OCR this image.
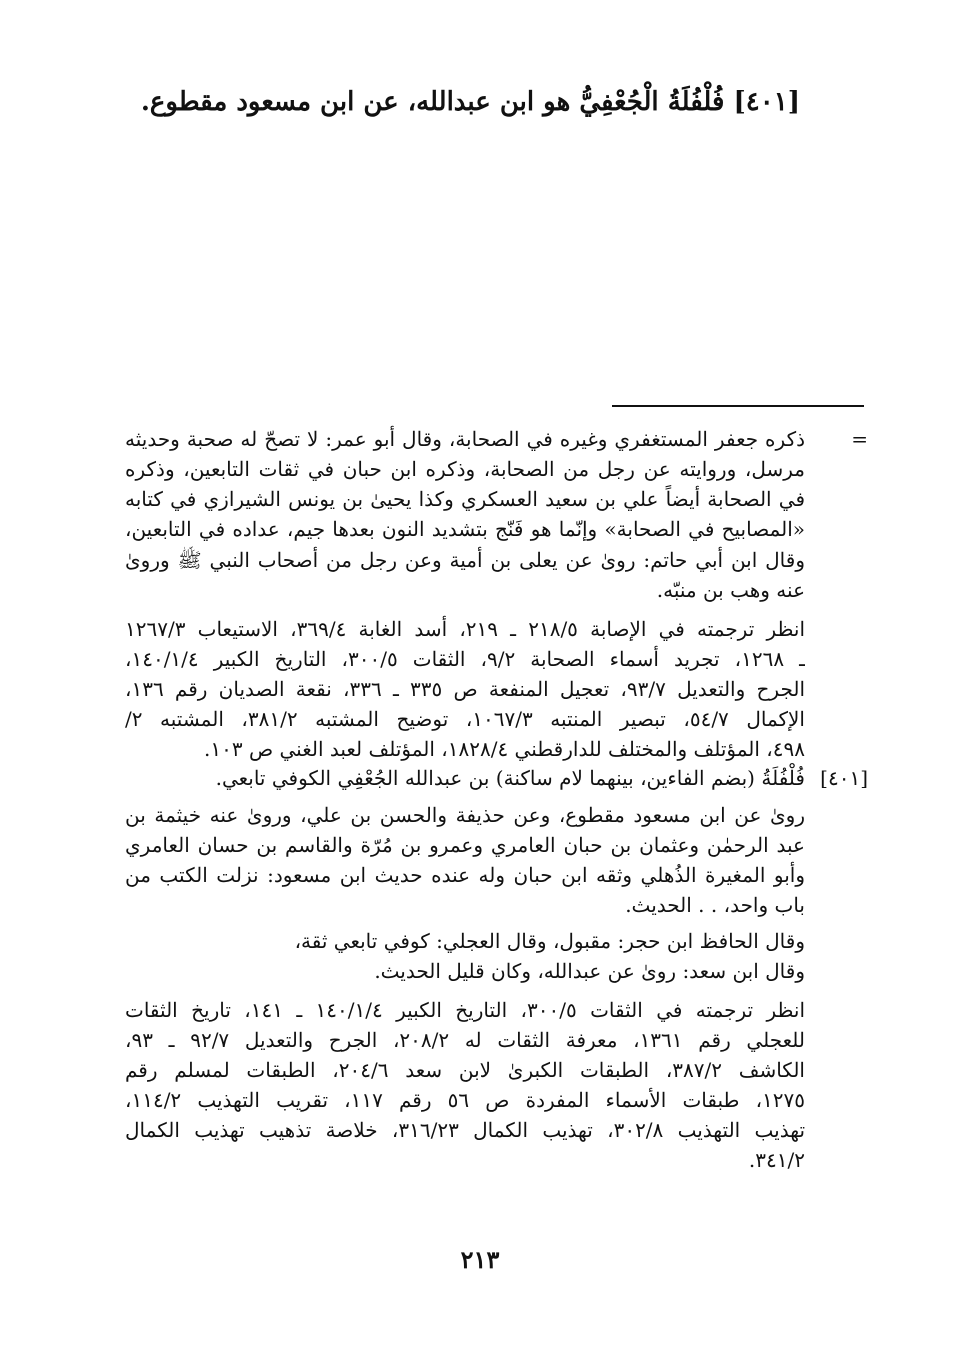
[٤٠١] فُلْفُلَةُ الْجُعْفِيُّ هو ابن عبدالله، عن ابن مسعود مقطوع.
=
[٤٠١]
ذكره جعفر المستغفري وغيره في الصحابة، وقال أبو عمر: لا تصحّ له صحبة وحديثه
مرسل، وروايته عن رجل من الصحابة، وذكره ابن حبان في ثقات التابعين، وذكره
في الصحابة أيضاً علي بن سعيد العسكري وكذا يحيىٰ بن يونس الشيرازي في كتابه
«المصابيح في الصحابة» وإنّما هو فَنّج بتشديد النون بعدها جيم، عداده في التابعين،
وقال ابن أبي حاتم: روىٰ عن يعلى بن أمية وعن رجل من أصحاب النبي ﷺ وروىٰ
عنه وهب بن منبّه.
انظر ترجمته في الإصابة ٢١٨/٥ ـ ٢١٩، أسد الغابة ٣٦٩/٤، الاستيعاب ١٢٦٧/٣
ـ ١٢٦٨، تجريد أسماء الصحابة ٩/٢، الثقات ٣٠٠/٥، التاريخ الكبير ١٤٠/١/٤،
الجرح والتعديل ٩٣/٧، تعجيل المنفعة ص ٣٣٥ ـ ٣٣٦، نقعة الصديان رقم ١٣٦،
الإكمال ٥٤/٧، تبصير المنتبه ١٠٦٧/٣، توضيح المشتبه ٣٨١/٢، المشتبه ٢/
٤٩٨، المؤتلف والمختلف للدارقطني ١٨٢٨/٤، المؤتلف لعبد الغني ص ١٠٣.
فُلْفُلَةُ (بضم الفاءين، بينهما لام ساكنة) بن عبدالله الجُعْفِي الكوفي تابعي.
روىٰ عن ابن مسعود مقطوع، وعن حذيفة والحسن بن علي، وروىٰ عنه خيثمة بن
عبد الرحمٰن وعثمان بن حبان العامري وعمرو بن مُرّة والقاسم بن حسان العامري
وأبو المغيرة الذُهلي وثقه ابن حبان وله عنده حديث ابن مسعود: نزلت الكتب من
باب واحد، . . الحديث.
وقال الحافظ ابن حجر: مقبول، وقال العجلي: كوفي تابعي ثقة،
وقال ابن سعد: روىٰ عن عبدالله، وكان قليل الحديث.
انظر ترجمته في الثقات ٣٠٠/٥، التاريخ الكبير ١٤٠/١/٤ ـ ١٤١، تاريخ الثقات
للعجلي رقم ١٣٦١، معرفة الثقات له ٢٠٨/٢، الجرح والتعديل ٩٢/٧ ـ ٩٣،
الكاشف ٣٨٧/٢، الطبقات الكبرىٰ لابن سعد ٢٠٤/٦، الطبقات لمسلم رقم
١٢٧٥، طبقات الأسماء المفردة ص ٥٦ رقم ١١٧، تقريب التهذيب ١١٤/٢،
تهذيب التهذيب ٣٠٢/٨، تهذيب الكمال ٣١٦/٢٣، خلاصة تذهيب تهذيب الكمال
٣٤١/٢.
٢١٣
